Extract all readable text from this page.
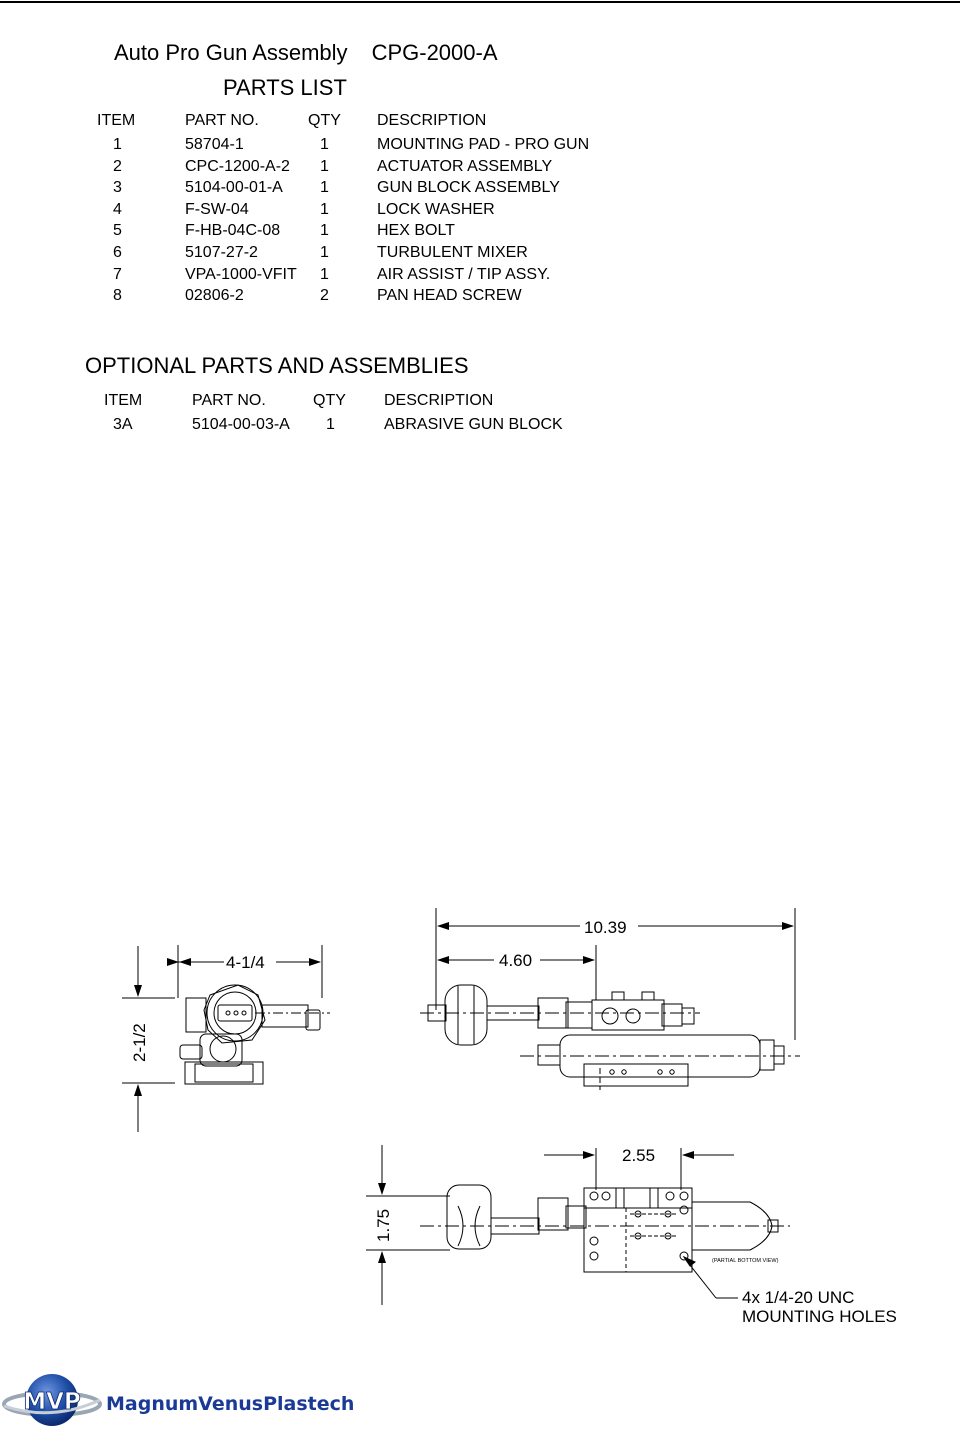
Auto Pro Gun Assembly CPG-2000-A
PARTS LIST
ITEM	PART NO.	QTY DESCRIPTION
1	58704-1	1	MOUNTING PAD - PRO GUN
2	CPC-1200-A-2 1	ACTUATOR ASSEMBLY
3	5104-00-01-A 1	GUN BLOCK ASSEMBLY
4	F-SW-04	1	LOCK WASHER
5	F-HB-04C-08 1	HEX BOLT
6	5107-27-2	1	TURBULENT MIXER
7	VPA-1000-VFIT 1	AIR ASSIST / TIP ASSY.
8	02806-2	2	PAN HEAD SCREW
OPTIONAL PARTS AND ASSEMBLIES
ITEM	PART NO.	QTY DESCRIPTION
3A	5104-00-03-A 1	ABRASIVE GUN BLOCK
4-1/4
2-1/2
10.39
4.60
2.55
1.75
(PARTIAL BOTTOM VIEW)
4x 1/4-20 UNC
MOUNTING HOLES
MVP MagnumVenusPlastech
